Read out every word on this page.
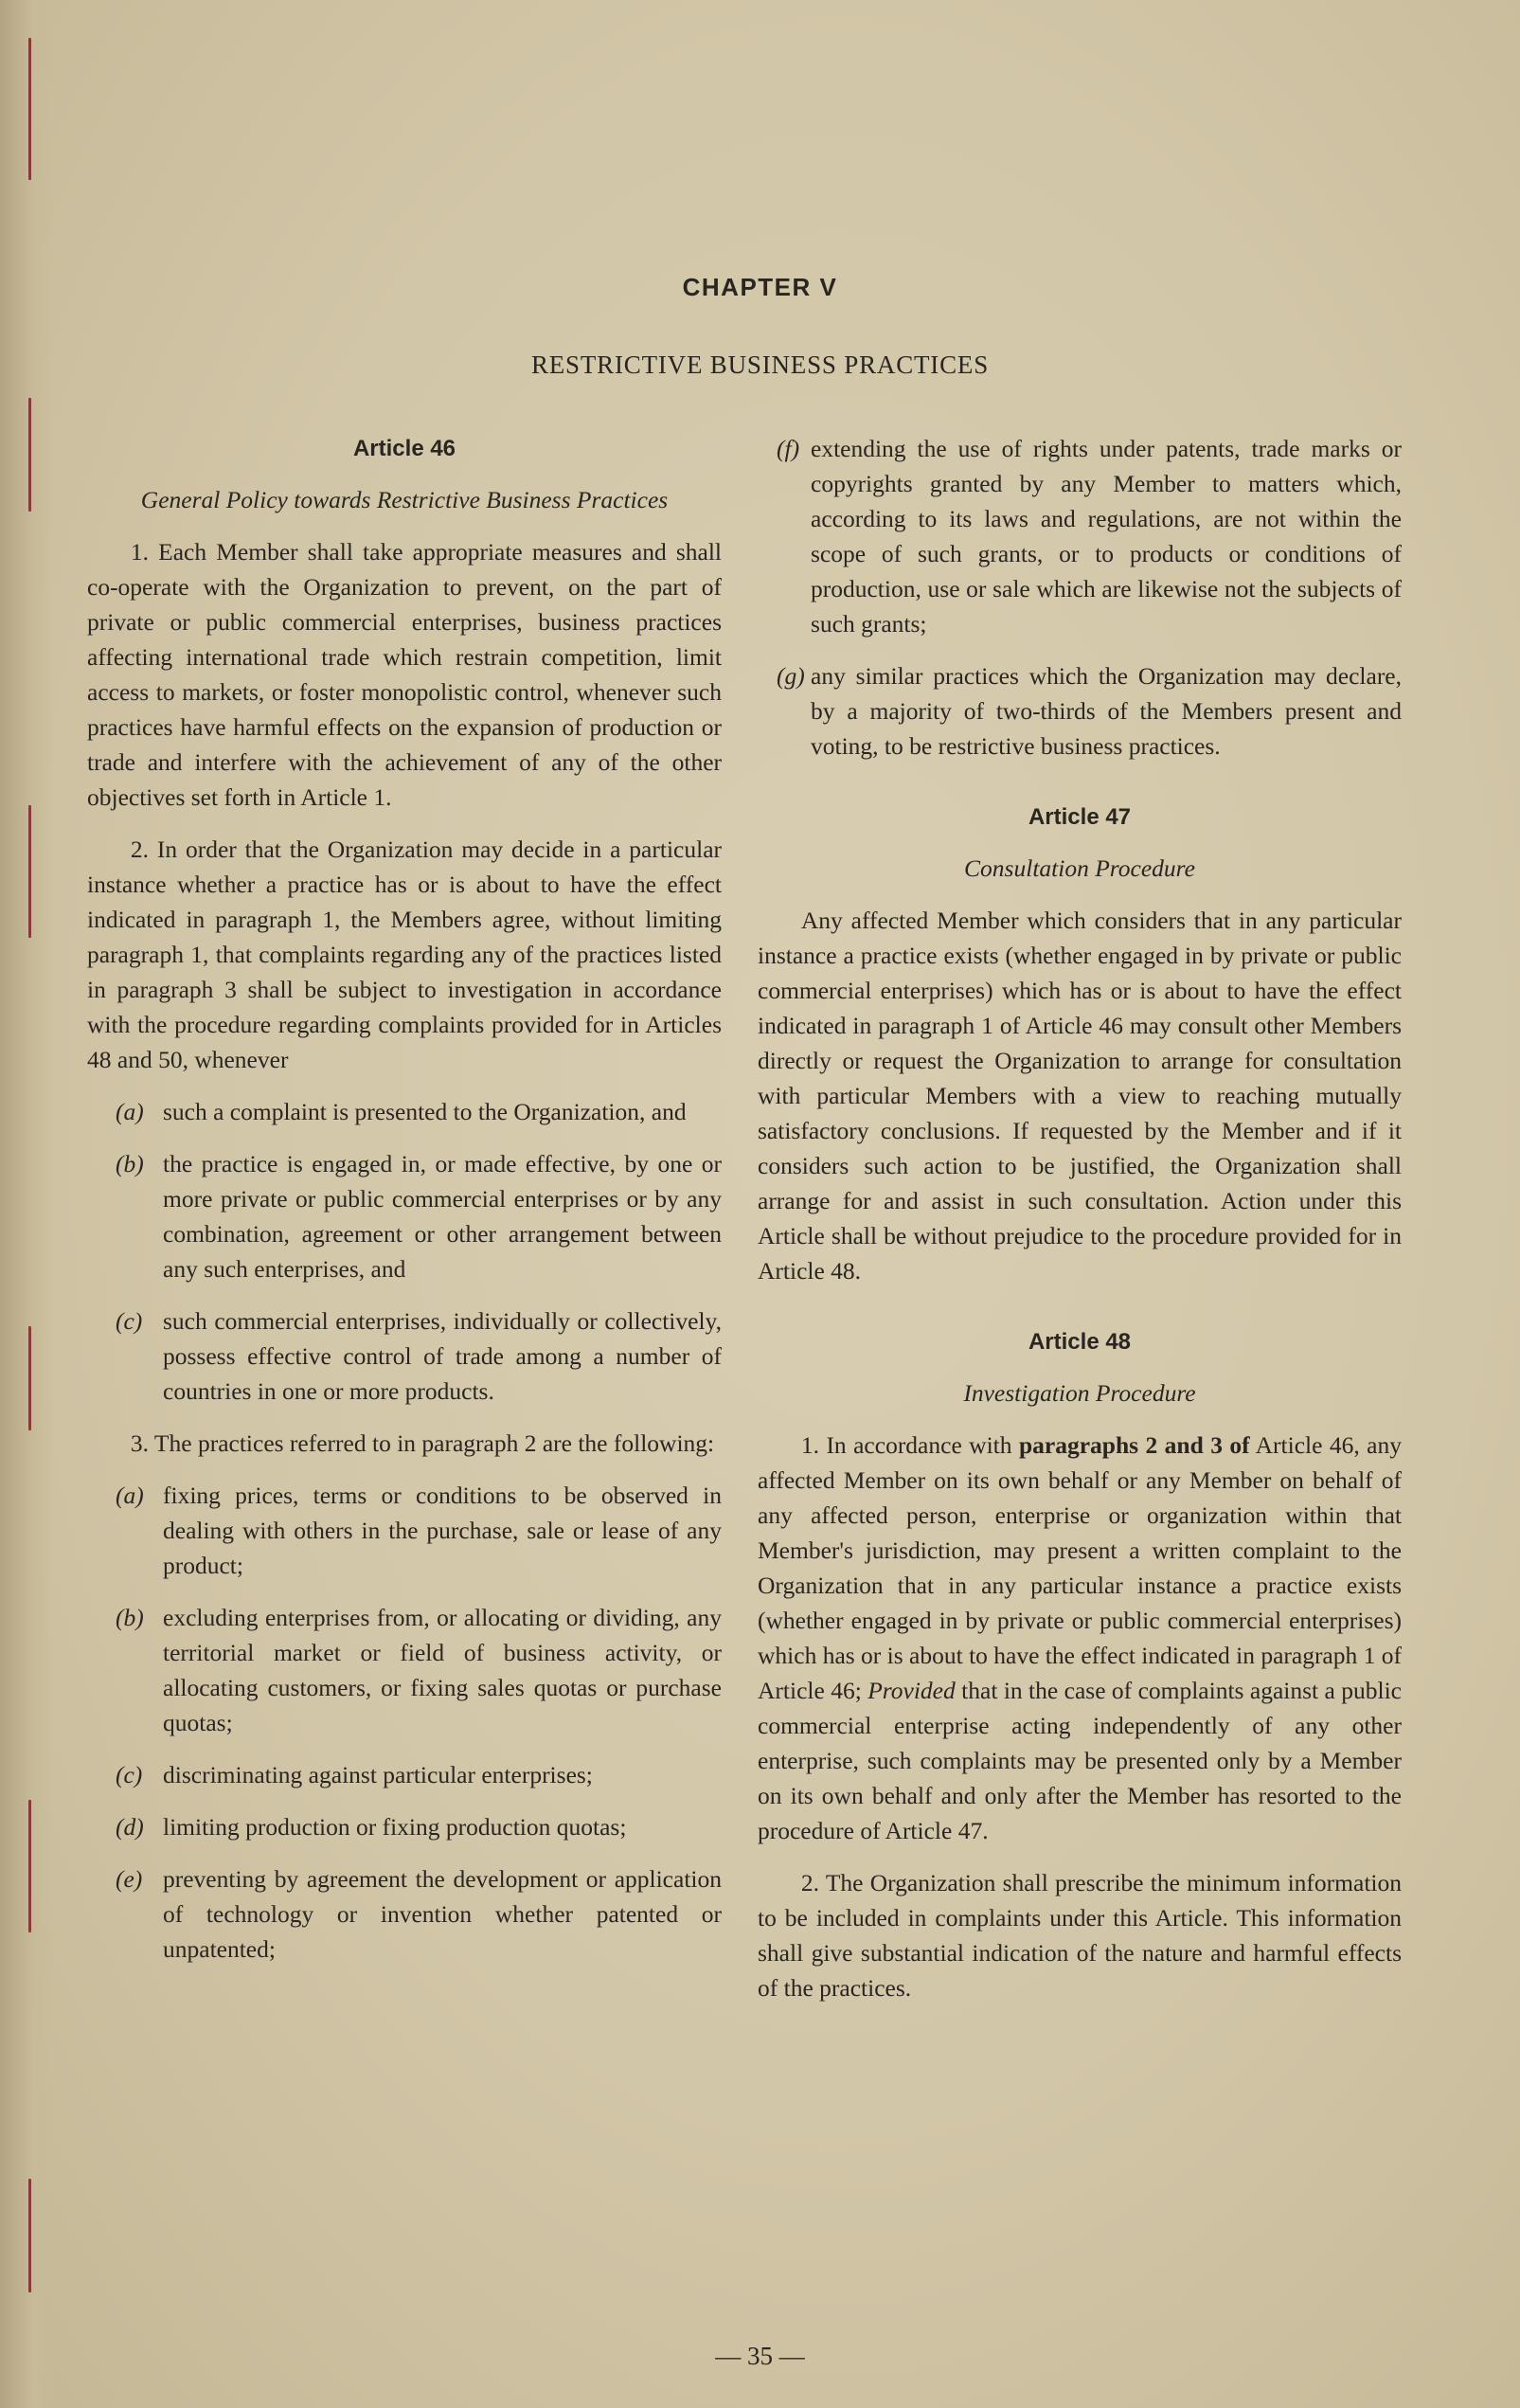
CHAPTER V
RESTRICTIVE BUSINESS PRACTICES
Article 46
General Policy towards Restrictive Business Practices

1. Each Member shall take appropriate measures and shall co-operate with the Organization to prevent, on the part of private or public commercial enterprises, business practices affecting international trade which restrain competition, limit access to markets, or foster monopolistic control, whenever such practices have harmful effects on the expansion of production or trade and interfere with the achievement of any of the other objectives set forth in Article 1.

2. In order that the Organization may decide in a particular instance whether a practice has or is about to have the effect indicated in paragraph 1, the Members agree, without limiting paragraph 1, that complaints regarding any of the practices listed in paragraph 3 shall be subject to investigation in accordance with the procedure regarding complaints provided for in Articles 48 and 50, whenever

(a) such a complaint is presented to the Organization, and
(b) the practice is engaged in, or made effective, by one or more private or public commercial enterprises or by any combination, agreement or other arrangement between any such enterprises, and
(c) such commercial enterprises, individually or collectively, possess effective control of trade among a number of countries in one or more products.

3. The practices referred to in paragraph 2 are the following:

(a) fixing prices, terms or conditions to be observed in dealing with others in the purchase, sale or lease of any product;
(b) excluding enterprises from, or allocating or dividing, any territorial market or field of business activity, or allocating customers, or fixing sales quotas or purchase quotas;
(c) discriminating against particular enterprises;
(d) limiting production or fixing production quotas;
(e) preventing by agreement the development or application of technology or invention whether patented or unpatented;
(f) extending the use of rights under patents, trade marks or copyrights granted by any Member to matters which, according to its laws and regulations, are not within the scope of such grants, or to products or conditions of production, use or sale which are likewise not the subjects of such grants;
(g) any similar practices which the Organization may declare, by a majority of two-thirds of the Members present and voting, to be restrictive business practices.
Article 47
Consultation Procedure

Any affected Member which considers that in any particular instance a practice exists (whether engaged in by private or public commercial enterprises) which has or is about to have the effect indicated in paragraph 1 of Article 46 may consult other Members directly or request the Organization to arrange for consultation with particular Members with a view to reaching mutually satisfactory conclusions. If requested by the Member and if it considers such action to be justified, the Organization shall arrange for and assist in such consultation. Action under this Article shall be without prejudice to the procedure provided for in Article 48.

Article 48
Investigation Procedure

1. In accordance with paragraphs 2 and 3 of Article 46, any affected Member on its own behalf or any Member on behalf of any affected person, enterprise or organization within that Member's jurisdiction, may present a written complaint to the Organization that in any particular instance a practice exists (whether engaged in by private or public commercial enterprises) which has or is about to have the effect indicated in paragraph 1 of Article 46; Provided that in the case of complaints against a public commercial enterprise acting independently of any other enterprise, such complaints may be presented only by a Member on its own behalf and only after the Member has resorted to the procedure of Article 47.

2. The Organization shall prescribe the minimum information to be included in complaints under this Article. This information shall give substantial indication of the nature and harmful effects of the practices.

— 35 —
